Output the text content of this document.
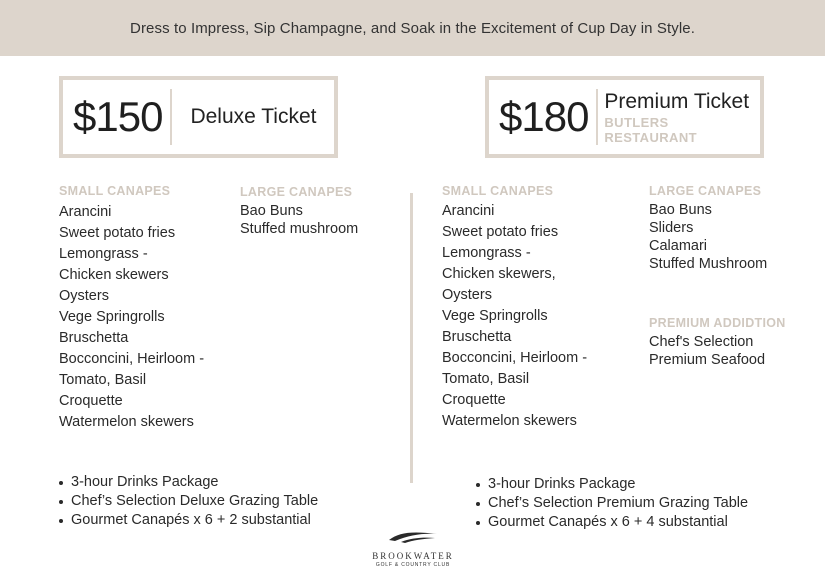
Dress to Impress, Sip Champagne, and Soak in the Excitement of Cup Day in Style.
$150	Deluxe Ticket	$180 Premium Ticket
BUTLERS RESTAURANT
SMALL CANAPES
Arancini
Sweet potato fries
Lemongrass -
Chicken skewers
Oysters
Vege Springrolls
Bruschetta
Bocconcini, Heirloom -
Tomato, Basil
Croquette
Watermelon skewers
LARGE CANAPES
Bao Buns
Stuffed mushroom
SMALL CANAPES
Arancini
Sweet potato fries
Lemongrass -
Chicken skewers,
Oysters
Vege Springrolls
Bruschetta
Bocconcini, Heirloom -
Tomato, Basil
Croquette
Watermelon skewers
LARGE CANAPES
Bao Buns
Sliders
Calamari
Stuffed Mushroom
PREMIUM ADDIDTION
Chef's Selection
Premium Seafood
3-hour Drinks Package
Chef’s Selection Deluxe Grazing Table
Gourmet Canapés x 6 + 2 substantial
3-hour Drinks Package
Chef’s Selection Premium Grazing Table
Gourmet Canapés x 6 + 4 substantial
BROOKWATER
GOLF & COUNTRY CLUB
